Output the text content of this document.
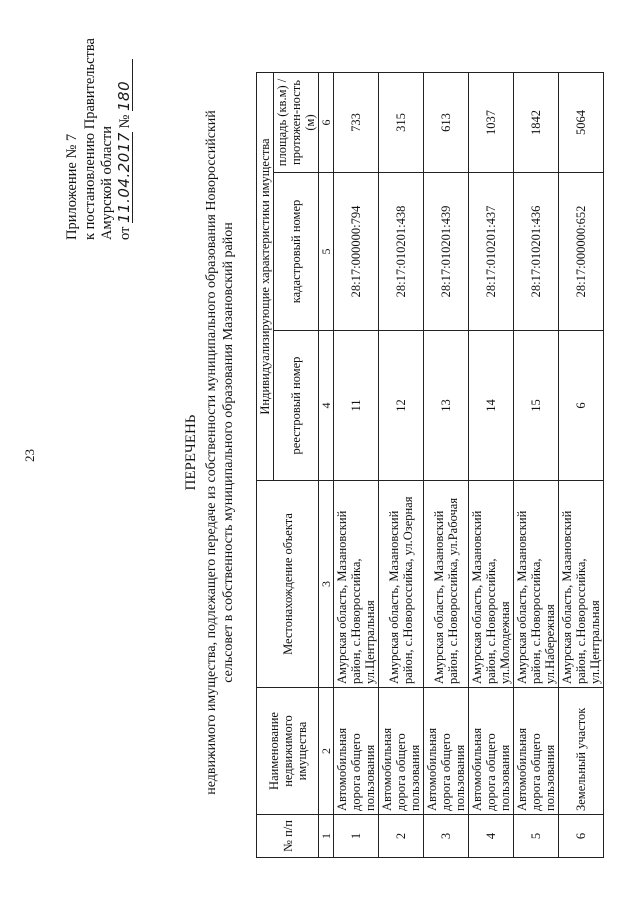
23
Приложение № 7 к постановлению Правительства Амурской области от 11.04.2017 № 180
ПЕРЕЧЕНЬ недвижимого имущества, подлежащего передаче из собственности муниципального образования Новороссийский сельсовет в собственность муниципального образования Мазановский район
№ п/п	Наименование недвижимого имущества	Местонахождение объекта	Индивидуализирующие характеристики имущества		
			реестровый номер	кадастровый номер	площадь (кв.м) / протяжен-ность (м)
1	2	3	4	5	6
1	Автомобильная дорога общего пользования	Амурская область, Мазановский район, с.Новороссийка, ул.Центральная	11	28:17:000000:794	733
2	Автомобильная дорога общего пользования	Амурская область, Мазановский район, с.Новороссийка, ул.Озерная	12	28:17:010201:438	315
3	Автомобильная дорога общего пользования	Амурская область, Мазановский район, с.Новороссийка, ул.Рабочая	13	28:17:010201:439	613
4	Автомобильная дорога общего пользования	Амурская область, Мазановский район, с.Новороссийка, ул.Молодежная	14	28:17:010201:437	1037
5	Автомобильная дорога общего пользования	Амурская область, Мазановский район, с.Новороссийка, ул.Набережная	15	28:17:010201:436	1842
6	Земельный участок	Амурская область, Мазановский район, с.Новороссийка, ул.Центральная	6	28:17:000000:652	5064
